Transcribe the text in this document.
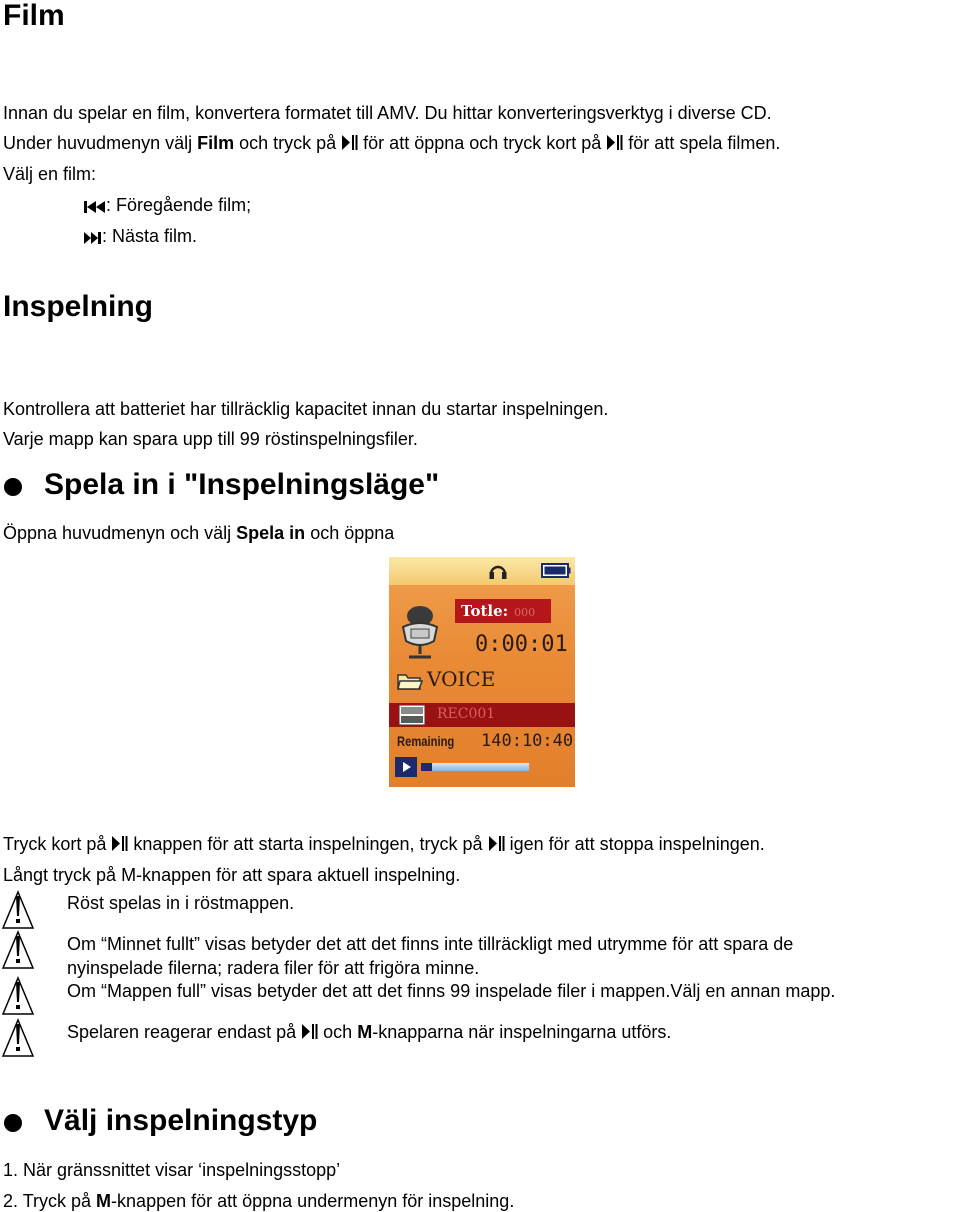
Film
Innan du spelar en film, konvertera formatet till AMV. Du hittar konverteringsverktyg i diverse CD.
Under huvudmenyn välj Film och tryck på  för att öppna och tryck kort på  för att spela filmen.
Välj en film:
: Föregående film;
: Nästa film.
Inspelning
Kontrollera att batteriet har tillräcklig kapacitet innan du startar inspelningen.
Varje mapp kan spara upp till 99 röstinspelningsfiler.
Spela in i "Inspelningsläge"
Öppna huvudmenyn och välj Spela in och öppna
Totle: 000
0:00:01
VOICE
REC001
Remaining 140:10:40
Tryck kort på  knappen för att starta inspelningen, tryck på  igen för att stoppa inspelningen.
Långt tryck på M-knappen för att spara aktuell inspelning.
Röst spelas in i röstmappen.
Om “Minnet fullt” visas betyder det att det finns inte tillräckligt med utrymme för att spara de
nyinspelade filerna; radera filer för att frigöra minne.
Om “Mappen full” visas betyder det att det finns 99 inspelade filer i mappen.Välj en annan mapp.
Spelaren reagerar endast på  och M-knapparna när inspelningarna utförs.
Välj inspelningstyp
1. När gränssnittet visar ‘inspelningsstopp’
2. Tryck på M-knappen för att öppna undermenyn för inspelning.
